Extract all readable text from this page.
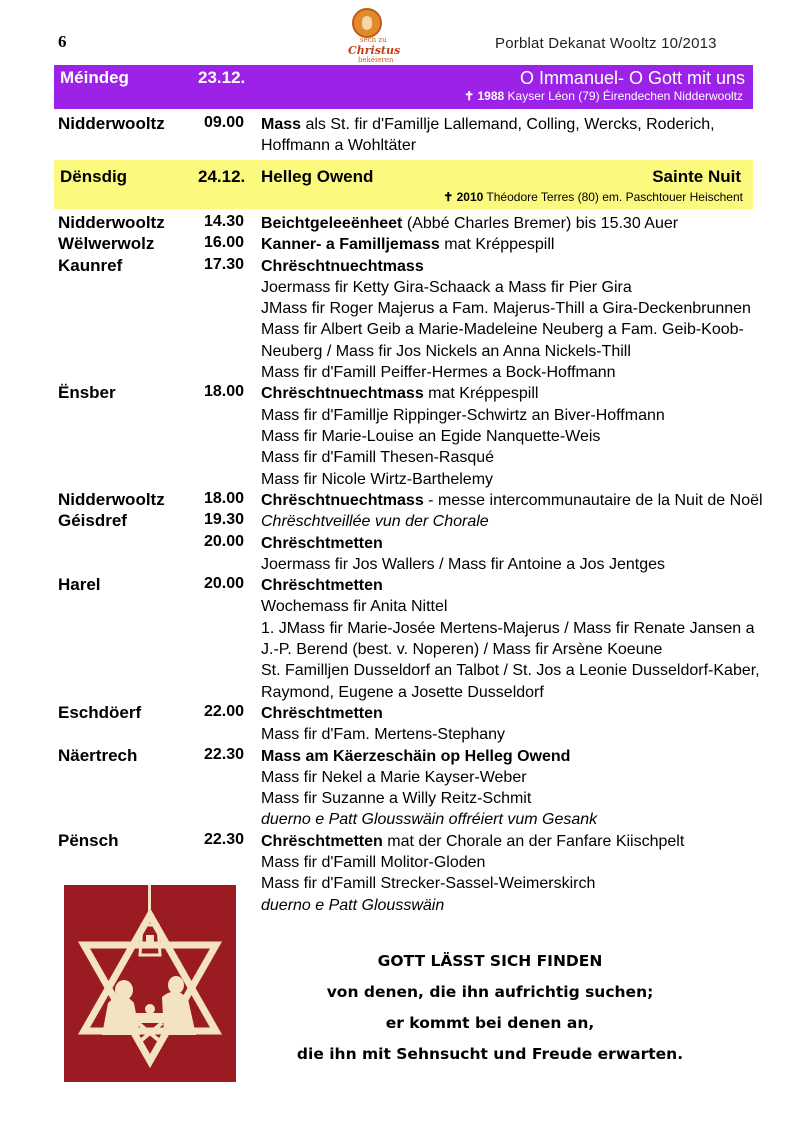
6	sech zu
Christus
bekéieren
Porblat Dekanat Wooltz 10/2013
Méindeg	23.12.	O Immanuel- O Gott mit uns
✝ 1988 Kayser Léon (79) Éirendechen Nidderwooltz
Nidderwooltz 09.00 Mass als St. fir d'Famillje Lallemand, Colling, Wercks, Roderich,
Hoffmann a Wohltäter
Dënsdig	24.12. Helleg Owend	Sainte Nuit
✝ 2010 Théodore Terres (80) em. Paschtouer Heischent
Nidderwooltz 14.30 Beichtgeleeënheet (Abbé Charles Bremer) bis 15.30 Auer
Wëlwerwolz	16.00 Kanner- a Familljemass mat Kréppespill
Kaunref	17.30 Chrëschtnuechtmass
Joermass fir Ketty Gira-Schaack a Mass fir Pier Gira
JMass fir Roger Majerus a Fam. Majerus-Thill a Gira-Deckenbrunnen
Mass fir Albert Geib a Marie-Madeleine Neuberg a Fam. Geib-Koob-
Neuberg / Mass fir Jos Nickels an Anna Nickels-Thill
Mass fir d'Famill Peiffer-Hermes a Bock-Hoffmann
Ënsber	18.00 Chrëschtnuechtmass mat Kréppespill
Mass fir d'Famillje Rippinger-Schwirtz an Biver-Hoffmann
Mass fir Marie-Louise an Egide Nanquette-Weis
Mass fir d'Famill Thesen-Rasqué
Mass fir Nicole Wirtz-Barthelemy
Nidderwooltz 18.00 Chrëschtnuechtmass - messe intercommunautaire de la Nuit de Noël
Géisdref	19.30 Chrëschtveillée vun der Chorale
20.00 Chrëschtmetten
Joermass fir Jos Wallers / Mass fir Antoine a Jos Jentges
Harel	20.00 Chrëschtmetten
Wochemass fir Anita Nittel
1. JMass fir Marie-Josée Mertens-Majerus / Mass fir Renate Jansen a
J.-P. Berend (best. v. Noperen) / Mass fir Arsène Koeune
St. Familljen Dusseldorf an Talbot / St. Jos a Leonie Dusseldorf-Kaber,
Raymond, Eugene a Josette Dusseldorf
Eschdöerf	22.00 Chrëschtmetten
Mass fir d'Fam. Mertens-Stephany
Näertrech	22.30 Mass am Käerzeschäin op Helleg Owend
Mass fir Nekel a Marie Kayser-Weber
Mass fir Suzanne a Willy Reitz-Schmit
duerno e Patt Glousswäin offréiert vum Gesank
Pënsch	22.30 Chrëschtmetten mat der Chorale an der Fanfare Kiischpelt
Mass fir d'Famill Molitor-Gloden
Mass fir d'Famill Strecker-Sassel-Weimerskirch
duerno e Patt Glousswäin
GOTT LÄSST SICH FINDEN
von denen, die ihn aufrichtig suchen;
er kommt bei denen an,
die ihn mit Sehnsucht und Freude erwarten.
